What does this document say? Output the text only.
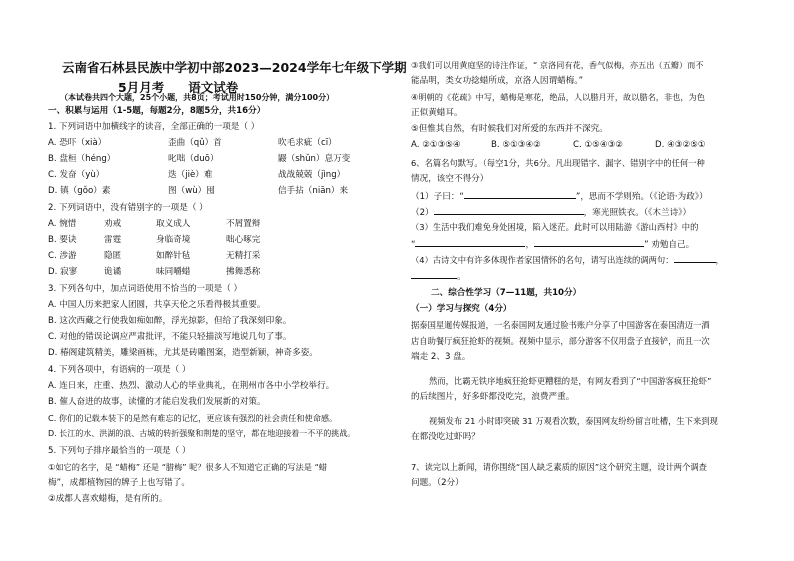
云南省石林县民族中学初中部2023—2024学年七年级下学期
5月月考 语文试卷
（本试卷共四个大题，25个小题，共8页；考试用时150分钟，满分100分）
一、积累与运用（1-5题，每题2分，8题5分，共16分）
1. 下列词语中加横线字的读音，全部正确的一项是（ ）
A. 恐吓（xià）	歪曲（qǔ）首	吹毛求疵（cī）
B. 盘桓（héng）	叱咄（duō）	鼹（shǔn）息万变
C. 发奋（yù）	迭（jiè）难	战战兢兢（jìng）
D. 镇（gǒo）素	图（wù）囤	信手拈（niān）来
2. 下列词语中，没有错别字的一项是（ ）
A. 惋惜	劝戒	取义成人	不屑置辩
B. 要诀	雷霆	身临奇境	咄心啄完
C. 涉游	隐匿	如醉针毡	无精打采
D. 寂寥	诡谲	味同嚼蜡	拂舞悉称
3. 下列各句中，加点词语使用不恰当的一项是（ ）
A. 中国人历来把家人团圆，共享天伦之乐看得极其重要。
B. 这次西藏之行使我如痴如醉，浮光掠影，但给了我深刻印象。
C. 对他的错误论调应严肃批评，不能只轻描淡写地说几句了事。
D. 椿阁建筑精美，雕梁画栋，尤其是砖雕图案，造型新颖，神奇多姿。
4. 下列各项中，有语病的一项是（ ）
A. 连日来，庄重、热烈、激动人心的毕业典礼，在荆州市各中小学校举行。
B. 催人奋进的故事，读懂的才能启发我们发展新的对策。
C. 你们的记载本装下的是然有难忘的记忆，更应该有强烈的社会责任和使命感。
D. 长江的水、洪湖的浪、古城的转折强聚和荆楚的坚守，都在地迎接着一不平的挑战。
5. 下列句子排序最恰当的一项是（ ）
①如它的名字，是 “蜡梅” 还是 “腊梅” 呢？很多人不知道它正确的写法是 “蜡
梅”，成都植物园的牌子上也写错了。
②成都人喜欢蜡梅，是有所的。
③我们可以用黄庭坚的诗注作证，“ 京洛同有花，香气似梅，亦五出（五瓣）而不
能品明，类女功捻蜡所成，京洛人因谓蜡梅。”
④明朝的《花疏》中写，蜡梅是寒花，绝品，人以腊月开，故以腊名，非也，为色
正似黄蜡耳。
⑤但惟其自然，有时候我们对所爱的东西并不深究。
A. ②①③⑤④	B. ⑤①③④②	C. ①⑤④③②	D. ④③②⑤①
6、名篇名句默写。（每空1分，共6分。凡出现错字、漏字、错别字中的任何一种
情况，该空不得分）
（1）子曰：“	”，思而不学则殆。（《论语·为政》）
（2）	，寒光照铁衣。（《木兰诗》）
（3）生活中我们难免身处困境，陷入迷茫。此时可以用陆游《游山西村》中的
“	，	” 劝勉自己。
（4）古诗文中有许多体现作者家国情怀的名句，请写出连续的调两句：	，
。
二、综合性学习（7—11题，共10分）
（一）学习与探究（4分）
据泰国星暹传媒报道，一名泰国网友通过脸书账户分享了中国游客在泰国清迈一酒
店自助餐厅疯狂抢虾的视频。视频中显示，部分游客不仅用盘子直接铲，而且一次
端走 2、3 盘。
然而，比霸无铁序地疯狂抢虾更糟糕的是，有网友看到了“中国游客疯狂抢虾”
的后续图片，好多虾都没吃完，浪费严重。
视频发布 21 小时即突破 31 万观看次数，泰国网友纷纷留言吐槽，生下来到现
在都没吃过虾吗？
7、读完以上新闻，请你围绕“国人缺乏素质的原因”这个研究主题，设计两个调查
问题。（2分）
